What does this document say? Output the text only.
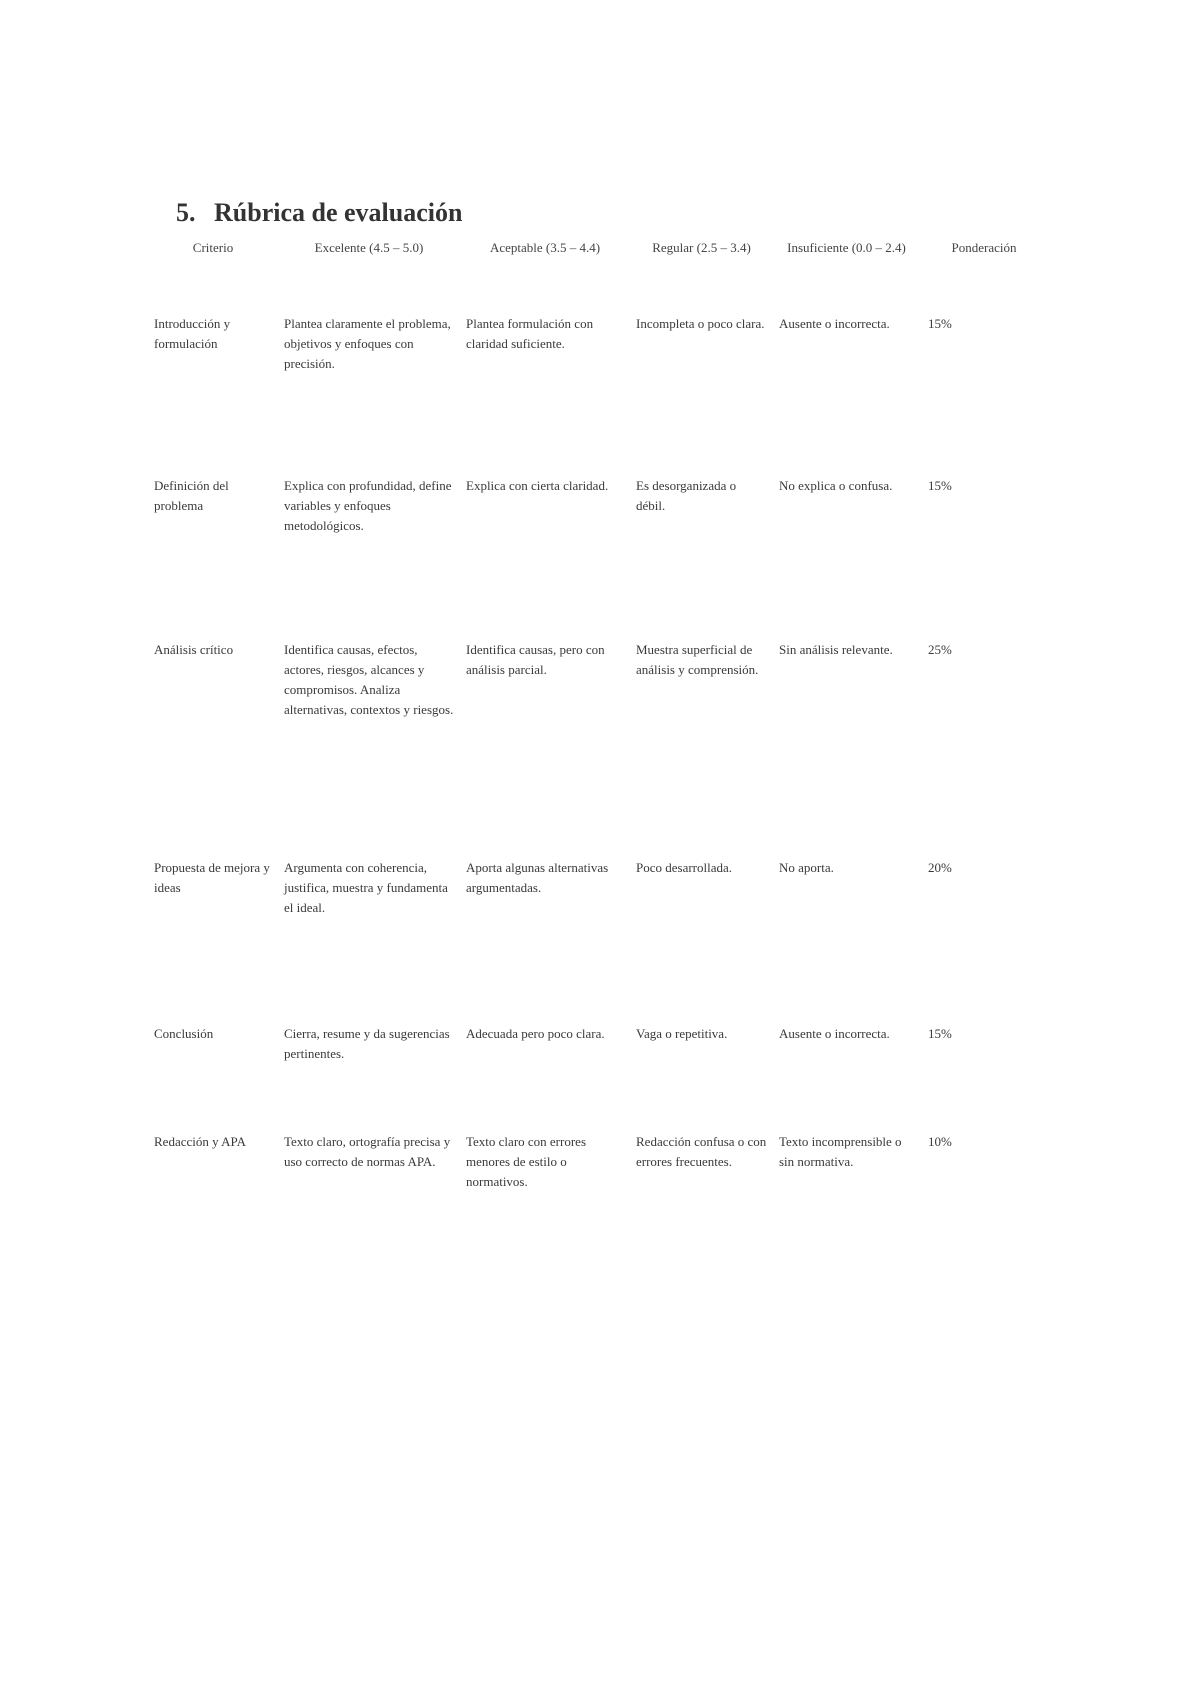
5. Rúbrica de evaluación
Criterio	Excelente (4.5 – 5.0)	Aceptable (3.5 – 4.4)	Regular (2.5 – 3.4)	Insuficiente (0.0 – 2.4)	Ponderación
Introducción y formulación	Plantea claramente el problema, objetivos y enfoques con precisión.	Plantea formulación con claridad suficiente.	Incompleta o poco clara.	Ausente o incorrecta.	15%
Definición del problema	Explica con profundidad, define variables y enfoques metodológicos.	Explica con cierta claridad.	Es desorganizada o débil.	No explica o confusa.	15%
Análisis crítico	Identifica causas, efectos, actores, riesgos, alcances y compromisos. Analiza alternativas, contextos y riesgos.	Identifica causas, pero con análisis parcial.	Muestra superficial de análisis y comprensión.	Sin análisis relevante.	25%
Propuesta de mejora y ideas	Argumenta con coherencia, justifica, muestra y fundamenta el ideal.	Aporta algunas alternativas argumentadas.	Poco desarrollada.	No aporta.	20%
Conclusión	Cierra, resume y da sugerencias pertinentes.	Adecuada pero poco clara.	Vaga o repetitiva.	Ausente o incorrecta.	15%
Redacción y APA	Texto claro, ortografía precisa y uso correcto de normas APA.	Texto claro con errores menores de estilo o normativos.	Redacción confusa o con errores frecuentes.	Texto incomprensible o sin normativa.	10%
